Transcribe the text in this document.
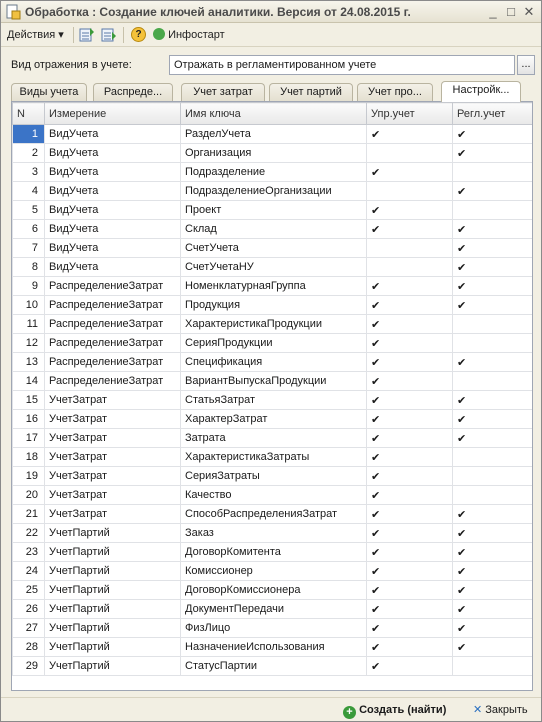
Обработка : Создание ключей аналитики. Версия от 24.08.2015 г.	_ □ ✕
Действия ▾	?	Инфостарт
Вид отражения в учете:	Отражать в регламентированном учете	...
Виды учета	Распреде...	Учет затрат	Учет партий	Учет про...	Настройк...
N	Измерение	Имя ключа	Упр.учет	Регл.учет
1	ВидУчета	РазделУчета	✔	✔
2	ВидУчета	Организация		✔
3	ВидУчета	Подразделение	✔	
4	ВидУчета	ПодразделениеОрганизации		✔
5	ВидУчета	Проект	✔	
6	ВидУчета	Склад	✔	✔
7	ВидУчета	СчетУчета		✔
8	ВидУчета	СчетУчетаНУ		✔
9	РаспределениеЗатрат	НоменклатурнаяГруппа	✔	✔
10	РаспределениеЗатрат	Продукция	✔	✔
11	РаспределениеЗатрат	ХарактеристикаПродукции	✔	
12	РаспределениеЗатрат	СерияПродукции	✔	
13	РаспределениеЗатрат	Спецификация	✔	✔
14	РаспределениеЗатрат	ВариантВыпускаПродукции	✔	
15	УчетЗатрат	СтатьяЗатрат	✔	✔
16	УчетЗатрат	ХарактерЗатрат	✔	✔
17	УчетЗатрат	Затрата	✔	✔
18	УчетЗатрат	ХарактеристикаЗатраты	✔	
19	УчетЗатрат	СерияЗатраты	✔	
20	УчетЗатрат	Качество	✔	
21	УчетЗатрат	СпособРаспределенияЗатрат	✔	✔
22	УчетПартий	Заказ	✔	✔
23	УчетПартий	ДоговорКомитента	✔	✔
24	УчетПартий	Комиссионер	✔	✔
25	УчетПартий	ДоговорКомиссионера	✔	✔
26	УчетПартий	ДокументПередачи	✔	✔
27	УчетПартий	ФизЛицо	✔	✔
28	УчетПартий	НазначениеИспользования	✔	✔
29	УчетПартий	СтатусПартии	✔	
+ Создать (найти) ✕ Закрыть
